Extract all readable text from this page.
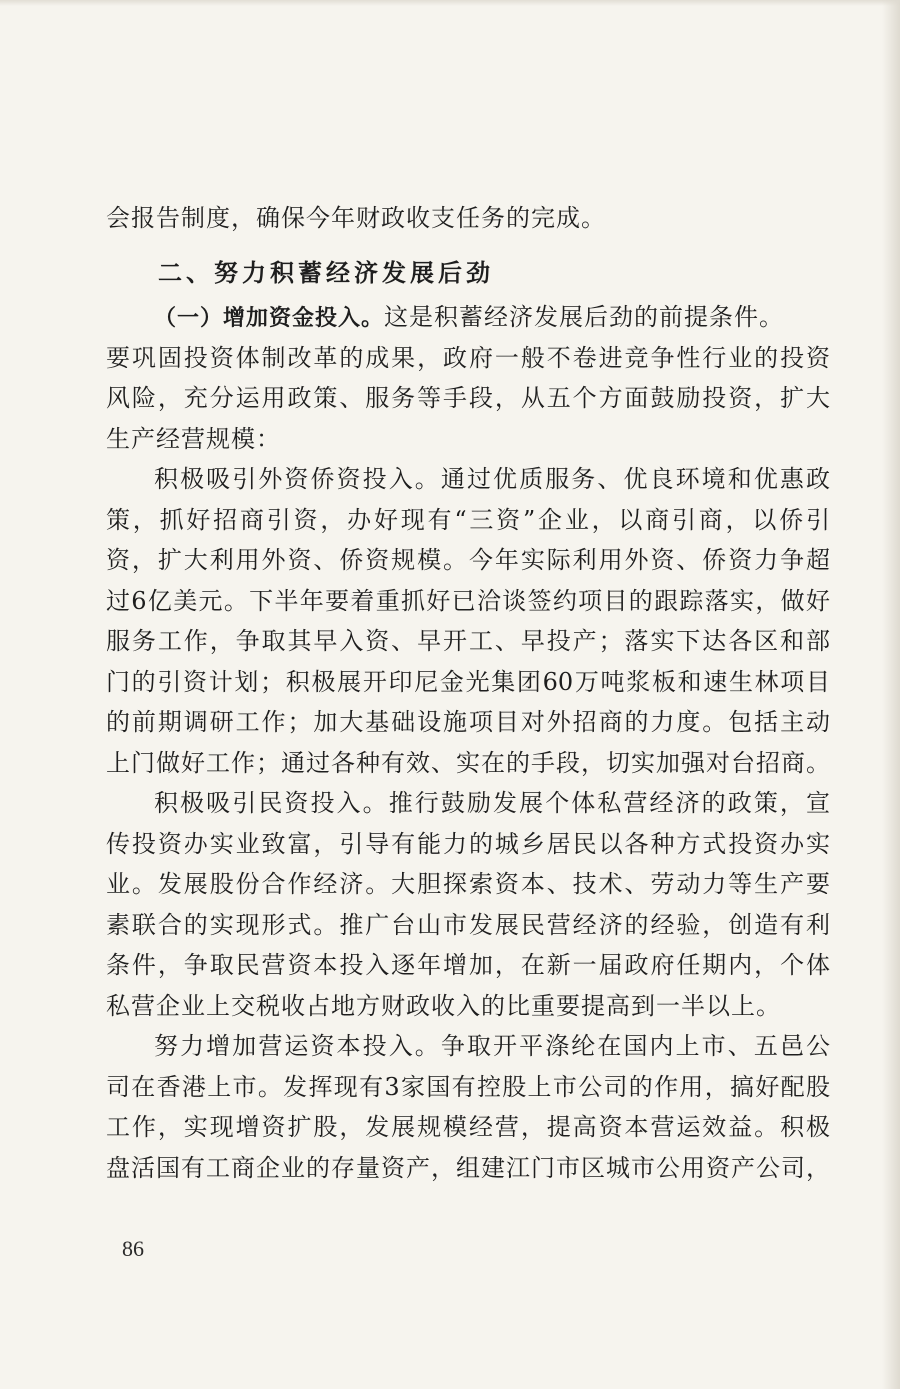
会报告制度，确保今年财政收支任务的完成。
二、努力积蓄经济发展后劲
（一）增加资金投入。这是积蓄经济发展后劲的前提条件。
要巩固投资体制改革的成果，政府一般不卷进竞争性行业的投资
风险，充分运用政策、服务等手段，从五个方面鼓励投资，扩大
生产经营规模：
积极吸引外资侨资投入。通过优质服务、优良环境和优惠政
策，抓好招商引资，办好现有“三资”企业，以商引商，以侨引
资，扩大利用外资、侨资规模。今年实际利用外资、侨资力争超
过6亿美元。下半年要着重抓好已洽谈签约项目的跟踪落实，做好
服务工作，争取其早入资、早开工、早投产；落实下达各区和部
门的引资计划；积极展开印尼金光集团60万吨浆板和速生林项目
的前期调研工作；加大基础设施项目对外招商的力度。包括主动
上门做好工作；通过各种有效、实在的手段，切实加强对台招商。
积极吸引民资投入。推行鼓励发展个体私营经济的政策，宣
传投资办实业致富，引导有能力的城乡居民以各种方式投资办实
业。发展股份合作经济。大胆探索资本、技术、劳动力等生产要
素联合的实现形式。推广台山市发展民营经济的经验，创造有利
条件，争取民营资本投入逐年增加，在新一届政府任期内，个体
私营企业上交税收占地方财政收入的比重要提高到一半以上。
努力增加营运资本投入。争取开平涤纶在国内上市、五邑公
司在香港上市。发挥现有3家国有控股上市公司的作用，搞好配股
工作，实现增资扩股，发展规模经营，提高资本营运效益。积极
盘活国有工商企业的存量资产，组建江门市区城市公用资产公司，
86
